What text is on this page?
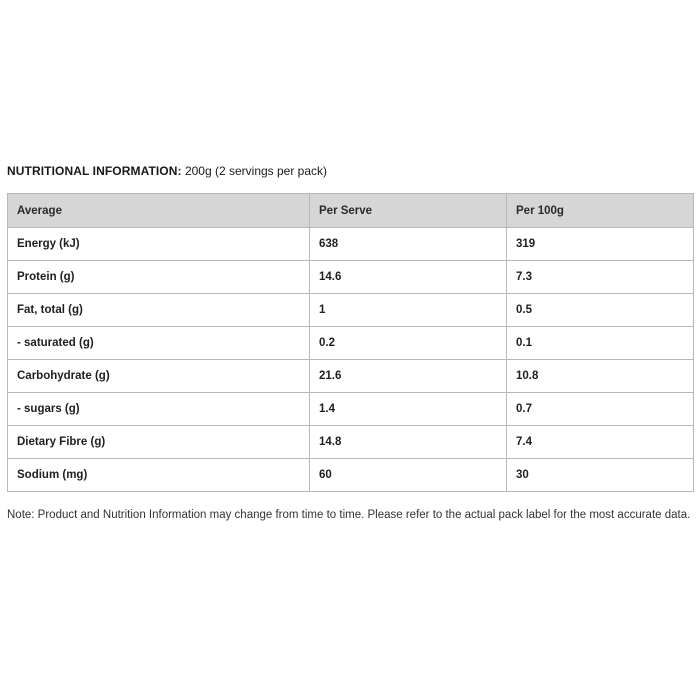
NUTRITIONAL INFORMATION: 200g (2 servings per pack)
Average	Per Serve	Per 100g
Energy (kJ)	638	319
Protein (g)	14.6	7.3
Fat, total (g)	1	0.5
- saturated (g)	0.2	0.1
Carbohydrate (g)	21.6	10.8
- sugars (g)	1.4	0.7
Dietary Fibre (g)	14.8	7.4
Sodium (mg)	60	30
Note: Product and Nutrition Information may change from time to time. Please refer to the actual pack label for the most accurate data.
